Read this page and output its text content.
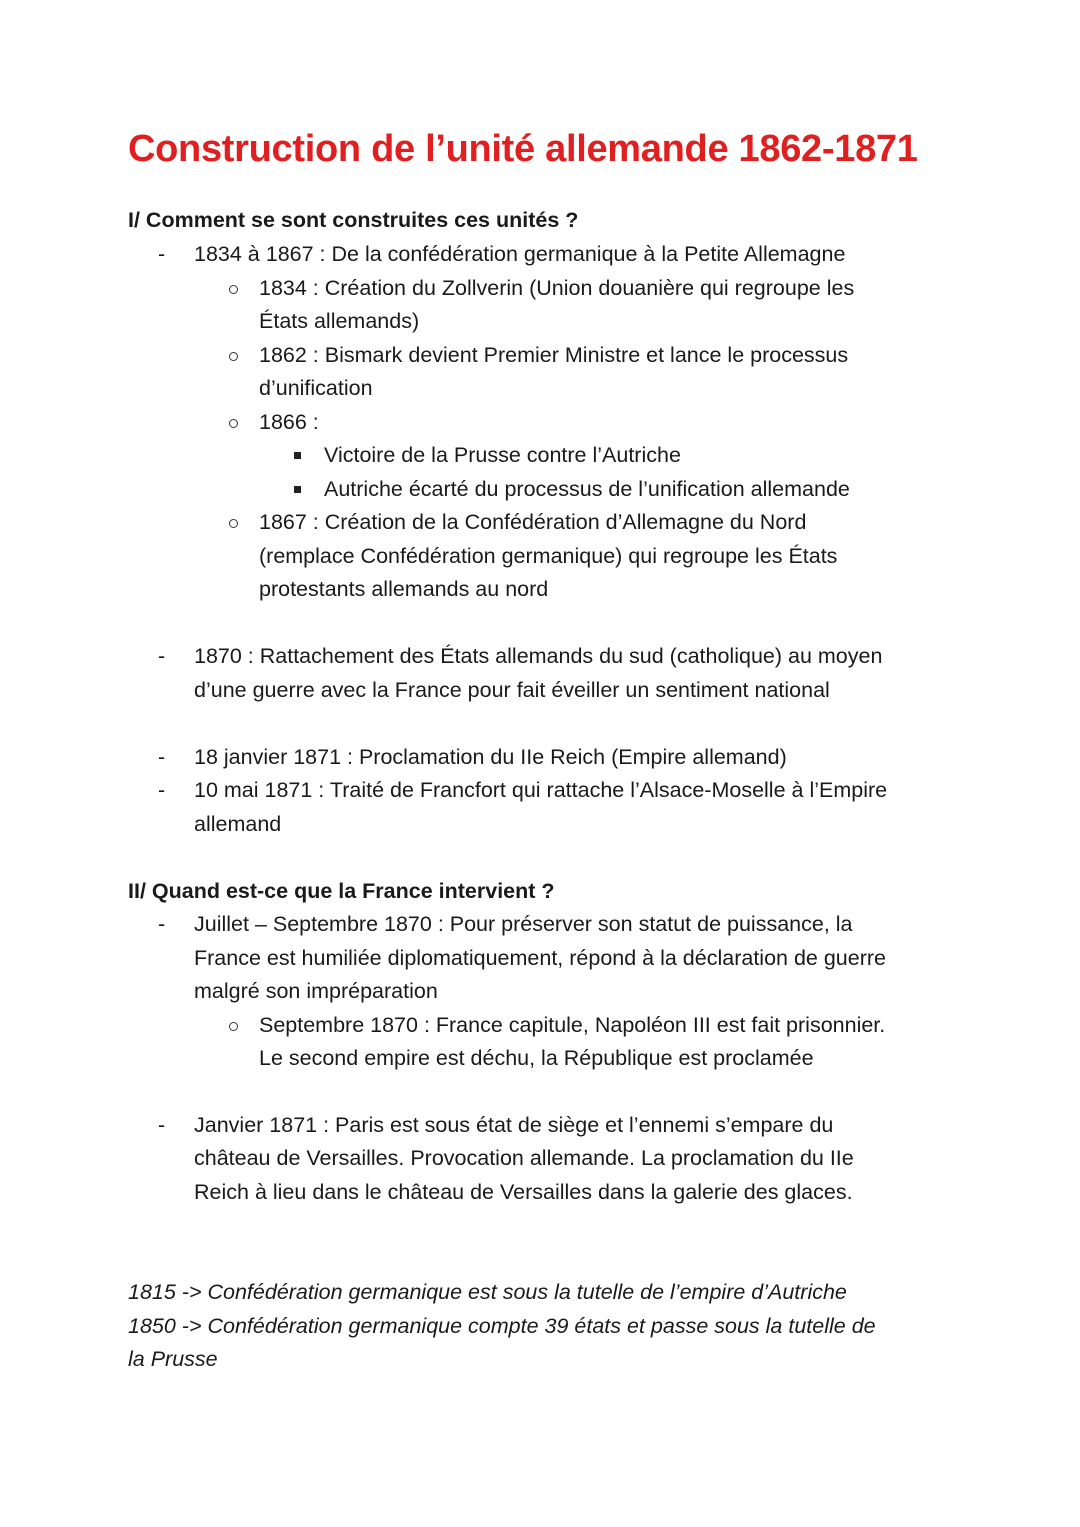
Construction de l’unité allemande 1862-1871
I/ Comment se sont construites ces unités ?
- 1834 à 1867 : De la confédération germanique à la Petite Allemagne
1834 : Création du Zollverin (Union douanière qui regroupe les
États allemands)
1862 : Bismark devient Premier Ministre et lance le processus
d’unification
1866 :
Victoire de la Prusse contre l’Autriche
Autriche écarté du processus de l’unification allemande
1867 : Création de la Confédération d’Allemagne du Nord
(remplace Confédération germanique) qui regroupe les États
protestants allemands au nord
- 1870 : Rattachement des États allemands du sud (catholique) au moyen
d’une guerre avec la France pour fait éveiller un sentiment national
- 18 janvier 1871 : Proclamation du IIe Reich (Empire allemand)
- 10 mai 1871 : Traité de Francfort qui rattache l’Alsace-Moselle à l’Empire
allemand
II/ Quand est-ce que la France intervient ?
- Juillet – Septembre 1870 : Pour préserver son statut de puissance, la
France est humiliée diplomatiquement, répond à la déclaration de guerre
malgré son impréparation
Septembre 1870 : France capitule, Napoléon III est fait prisonnier.
Le second empire est déchu, la République est proclamée
- Janvier 1871 : Paris est sous état de siège et l’ennemi s’empare du
château de Versailles. Provocation allemande. La proclamation du IIe
Reich à lieu dans le château de Versailles dans la galerie des glaces.
1815 -> Confédération germanique est sous la tutelle de l’empire d’Autriche
1850 -> Confédération germanique compte 39 états et passe sous la tutelle de
la Prusse
